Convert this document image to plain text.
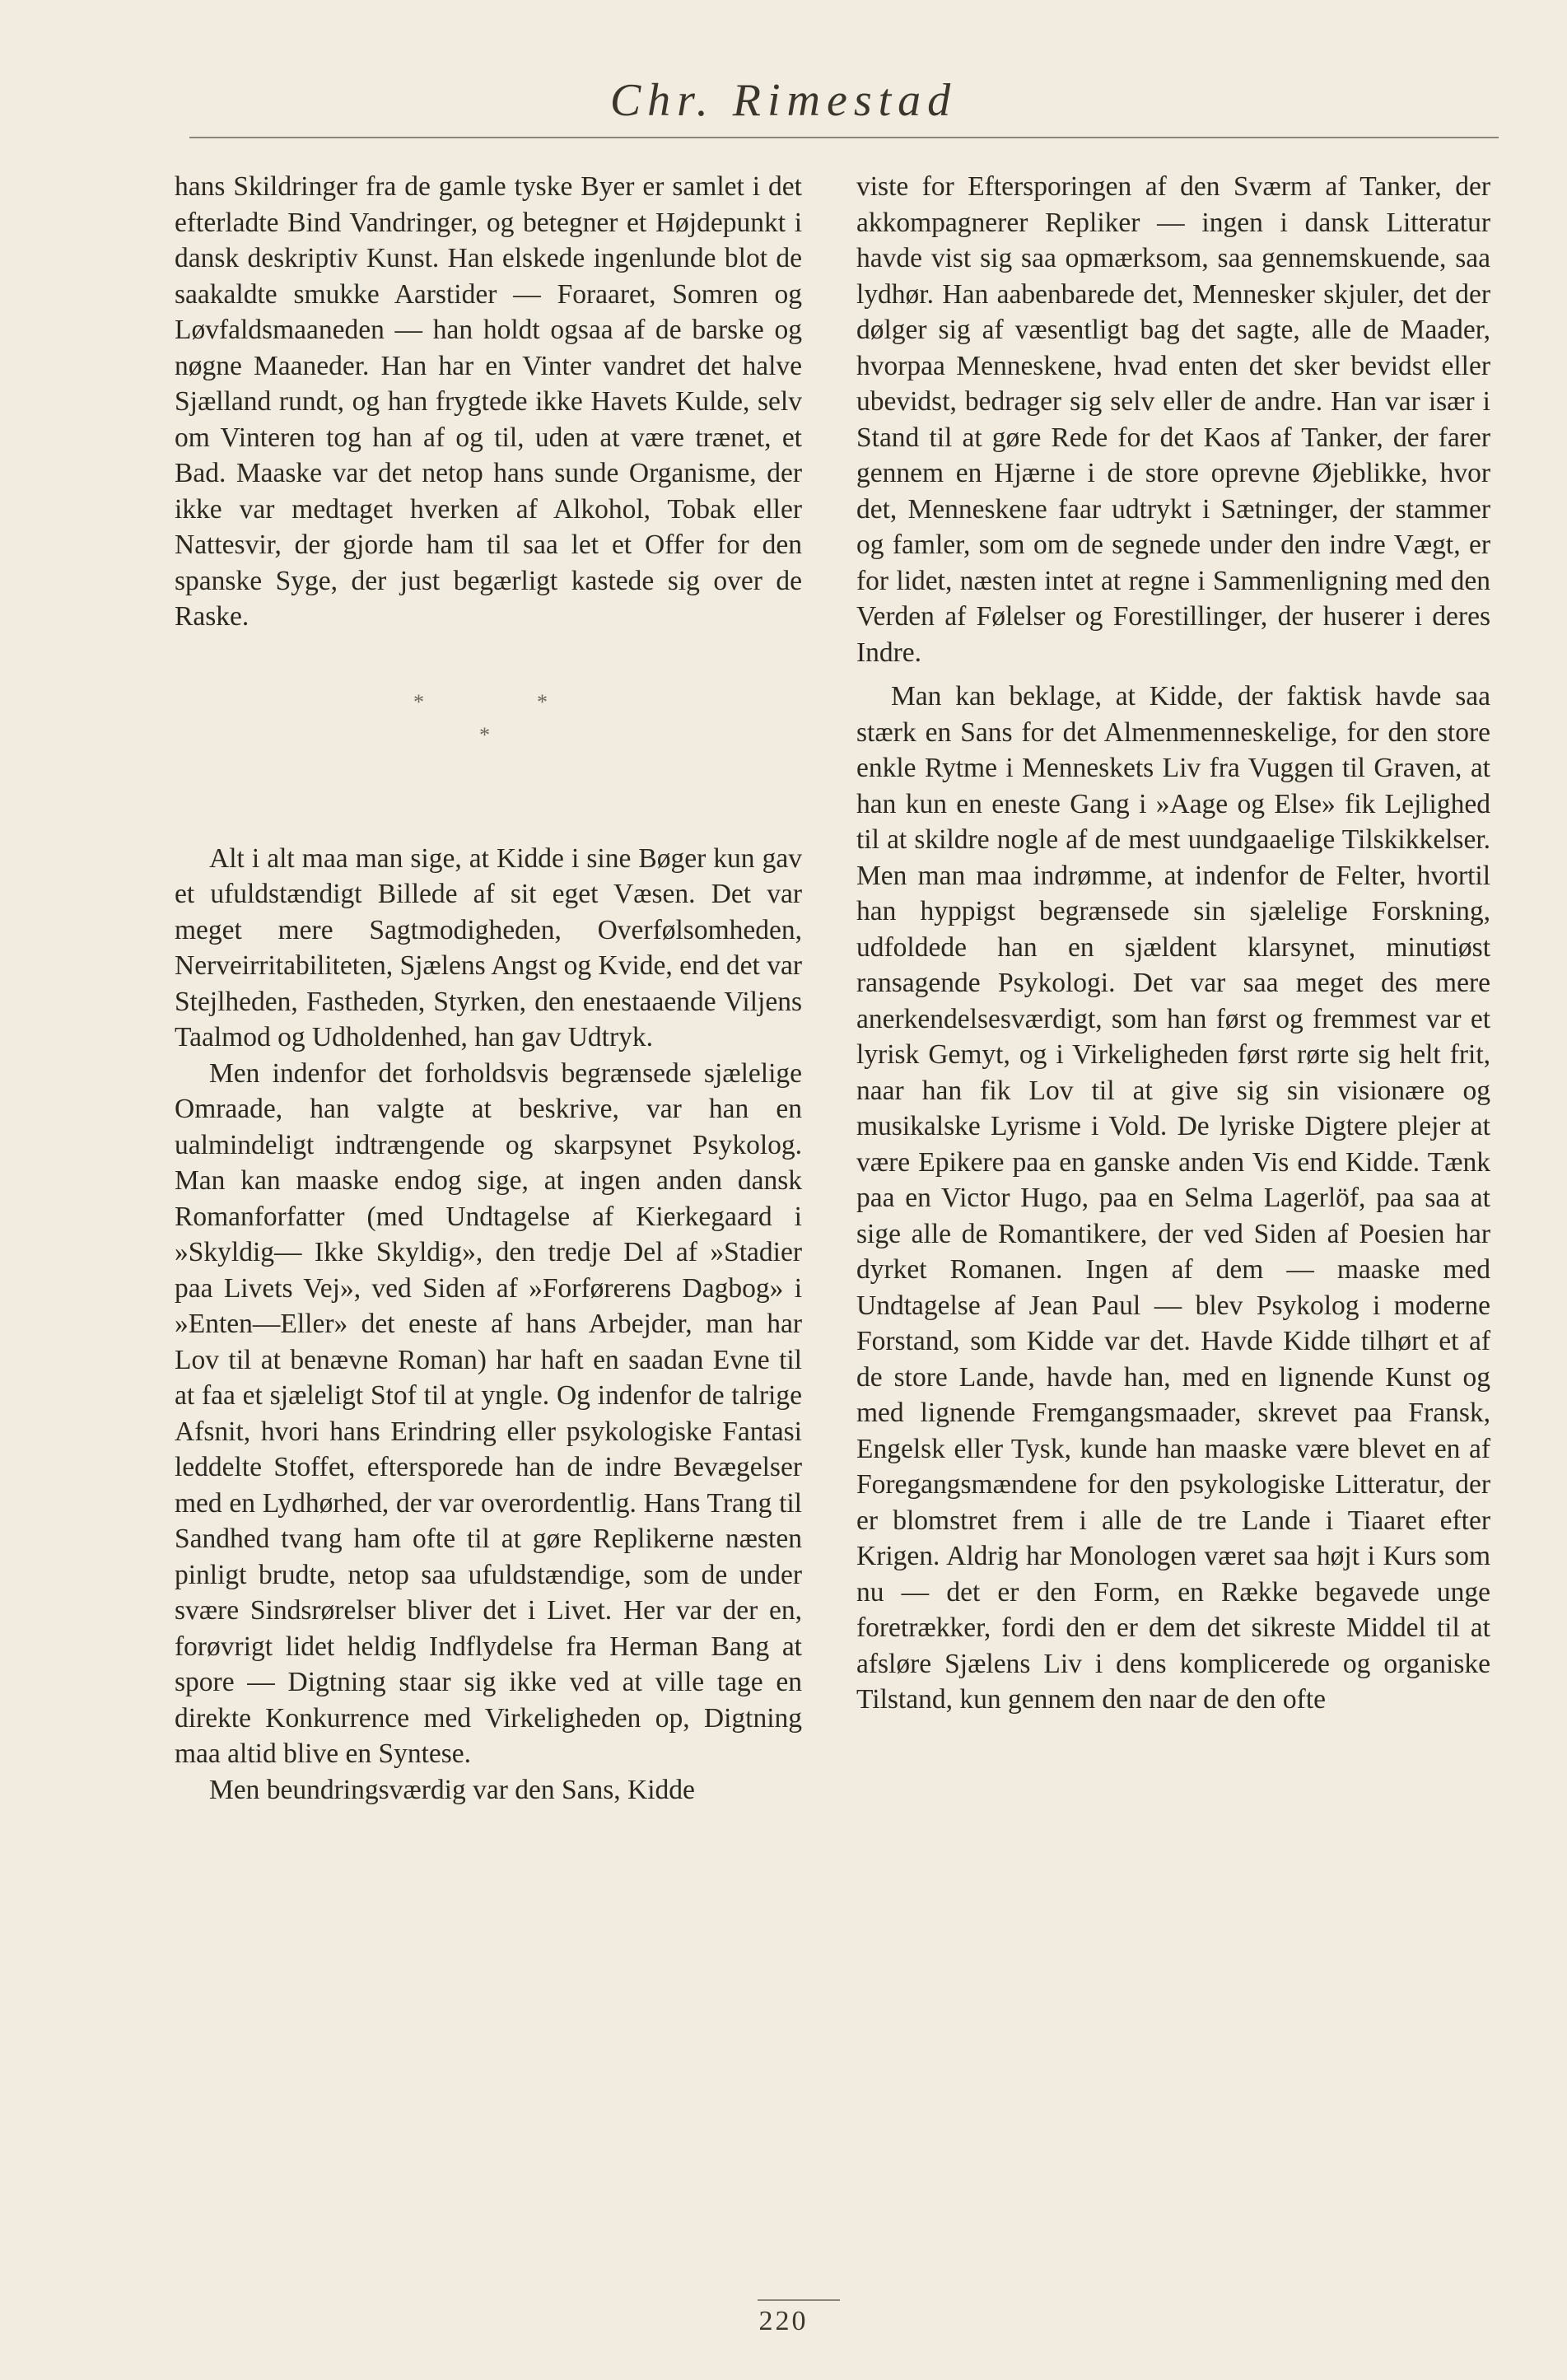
Chr. Rimestad

hans Skildringer fra de gamle tyske Byer er samlet i det efterladte Bind Vandringer, og betegner et Højdepunkt i dansk deskriptiv Kunst. Han elskede ingenlunde blot de saakaldte smukke Aarstider — Foraaret, Somren og Løvfaldsmaaneden — han holdt ogsaa af de barske og nøgne Maaneder. Han har en Vinter vandret det halve Sjælland rundt, og han frygtede ikke Havets Kulde, selv om Vinteren tog han af og til, uden at være trænet, et Bad. Maaske var det netop hans sunde Organisme, der ikke var medtaget hverken af Alkohol, Tobak eller Nattesvir, der gjorde ham til saa let et Offer for den spanske Syge, der just begærligt kastede sig over de Raske.

*	*
*

Alt i alt maa man sige, at Kidde i sine Bøger kun gav et ufuldstændigt Billede af sit eget Væsen. Det var meget mere Sagtmodigheden, Overfølsomheden, Nerveirritabiliteten, Sjælens Angst og Kvide, end det var Stejlheden, Fastheden, Styrken, den enestaaende Viljens Taalmod og Udholdenhed, han gav Udtryk.

Men indenfor det forholdsvis begrænsede sjælelige Omraade, han valgte at beskrive, var han en ualmindeligt indtrængende og skarpsynet Psykolog. Man kan maaske endog sige, at ingen anden dansk Romanforfatter (med Undtagelse af Kierkegaard i »Skyldig— Ikke Skyldig», den tredje Del af »Stadier paa Livets Vej», ved Siden af »Forførerens Dagbog» i »Enten—Eller» det eneste af hans Arbejder, man har Lov til at benævne Roman) har haft en saadan Evne til at faa et sjæleligt Stof til at yngle. Og indenfor de talrige Afsnit, hvori hans Erindring eller psykologiske Fantasi leddelte Stoffet, eftersporede han de indre Bevægelser med en Lydhørhed, der var overordentlig. Hans Trang til Sandhed tvang ham ofte til at gøre Replikerne næsten pinligt brudte, netop saa ufuldstændige, som de under svære Sindsrørelser bliver det i Livet. Her var der en, forøvrigt lidet heldig Indflydelse fra Herman Bang at spore — Digtning staar sig ikke ved at ville tage en direkte Konkurrence med Virkeligheden op, Digtning maa altid blive en Syntese.

Men beundringsværdig var den Sans, Kidde

viste for Eftersporingen af den Sværm af Tanker, der akkompagnerer Repliker — ingen i dansk Litteratur havde vist sig saa opmærksom, saa gennemskuende, saa lydhør. Han aabenbarede det, Mennesker skjuler, det der dølger sig af væsentligt bag det sagte, alle de Maader, hvorpaa Menneskene, hvad enten det sker bevidst eller ubevidst, bedrager sig selv eller de andre. Han var især i Stand til at gøre Rede for det Kaos af Tanker, der farer gennem en Hjærne i de store oprevne Øjeblikke, hvor det, Menneskene faar udtrykt i Sætninger, der stammer og famler, som om de segnede under den indre Vægt, er for lidet, næsten intet at regne i Sammenligning med den Verden af Følelser og Forestillinger, der huserer i deres Indre.

Man kan beklage, at Kidde, der faktisk havde saa stærk en Sans for det Almenmenneskelige, for den store enkle Rytme i Menneskets Liv fra Vuggen til Graven, at han kun en eneste Gang i »Aage og Else» fik Lejlighed til at skildre nogle af de mest uundgaaelige Tilskikkelser. Men man maa indrømme, at indenfor de Felter, hvortil han hyppigst begrænsede sin sjælelige Forskning, udfoldede han en sjældent klarsynet, minutiøst ransagende Psykologi. Det var saa meget des mere anerkendelsesværdigt, som han først og fremmest var et lyrisk Gemyt, og i Virkeligheden først rørte sig helt frit, naar han fik Lov til at give sig sin visionære og musikalske Lyrisme i Vold. De lyriske Digtere plejer at være Epikere paa en ganske anden Vis end Kidde. Tænk paa en Victor Hugo, paa en Selma Lagerlöf, paa saa at sige alle de Romantikere, der ved Siden af Poesien har dyrket Romanen. Ingen af dem — maaske med Undtagelse af Jean Paul — blev Psykolog i moderne Forstand, som Kidde var det. Havde Kidde tilhørt et af de store Lande, havde han, med en lignende Kunst og med lignende Fremgangsmaader, skrevet paa Fransk, Engelsk eller Tysk, kunde han maaske være blevet en af Foregangsmændene for den psykologiske Litteratur, der er blomstret frem i alle de tre Lande i Tiaaret efter Krigen. Aldrig har Monologen været saa højt i Kurs som nu — det er den Form, en Række begavede unge foretrækker, fordi den er dem det sikreste Middel til at afsløre Sjælens Liv i dens komplicerede og organiske Tilstand, kun gennem den naar de den ofte

220
